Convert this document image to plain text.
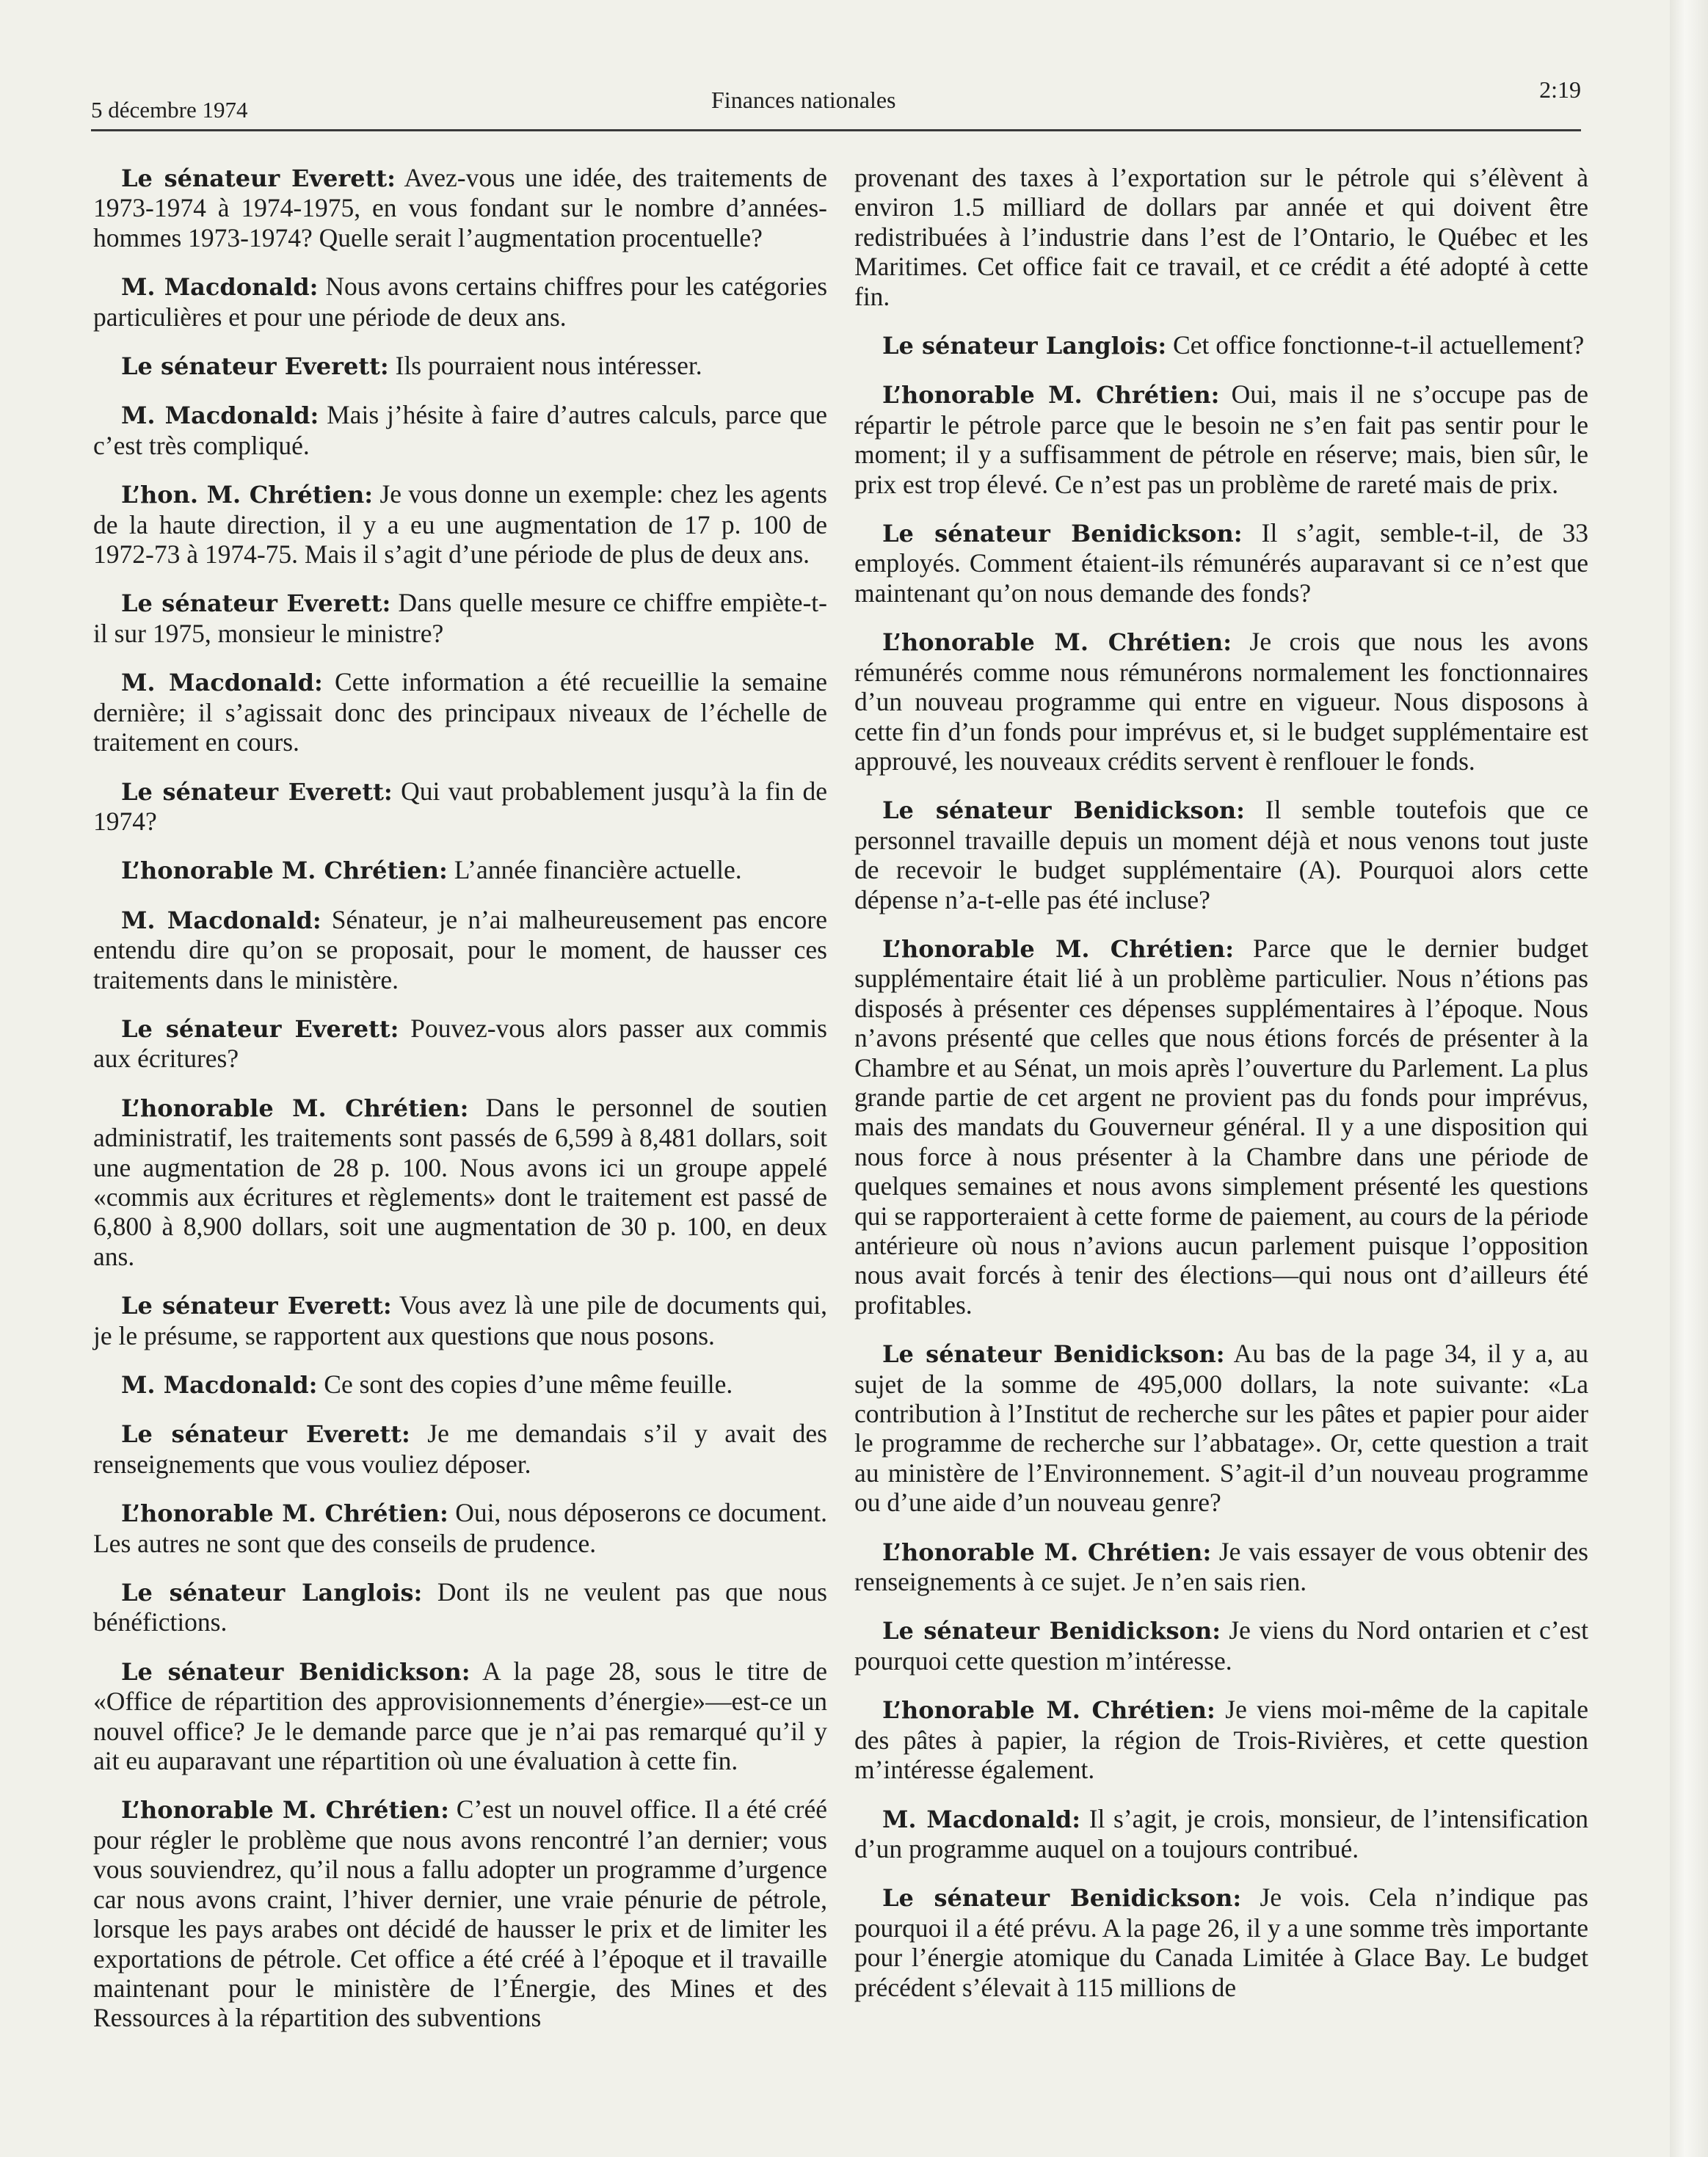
5 décembre 1974	Finances nationales	2:19

Le sénateur Everett: Avez-vous une idée, des traitements de 1973-1974 à 1974-1975, en vous fondant sur le nombre d’années-hommes 1973-1974? Quelle serait l’augmentation procentuelle?

M. Macdonald: Nous avons certains chiffres pour les catégories particulières et pour une période de deux ans.

Le sénateur Everett: Ils pourraient nous intéresser.

M. Macdonald: Mais j’hésite à faire d’autres calculs, parce que c’est très compliqué.

L’hon. M. Chrétien: Je vous donne un exemple: chez les agents de la haute direction, il y a eu une augmentation de 17 p. 100 de 1972-73 à 1974-75. Mais il s’agit d’une période de plus de deux ans.

Le sénateur Everett: Dans quelle mesure ce chiffre empiète-t-il sur 1975, monsieur le ministre?

M. Macdonald: Cette information a été recueillie la semaine dernière; il s’agissait donc des principaux niveaux de l’échelle de traitement en cours.

Le sénateur Everett: Qui vaut probablement jusqu’à la fin de 1974?

L’honorable M. Chrétien: L’année financière actuelle.

M. Macdonald: Sénateur, je n’ai malheureusement pas encore entendu dire qu’on se proposait, pour le moment, de hausser ces traitements dans le ministère.

Le sénateur Everett: Pouvez-vous alors passer aux commis aux écritures?

L’honorable M. Chrétien: Dans le personnel de soutien administratif, les traitements sont passés de 6,599 à 8,481 dollars, soit une augmentation de 28 p. 100. Nous avons ici un groupe appelé «commis aux écritures et règlements» dont le traitement est passé de 6,800 à 8,900 dollars, soit une augmentation de 30 p. 100, en deux ans.

Le sénateur Everett: Vous avez là une pile de documents qui, je le présume, se rapportent aux questions que nous posons.

M. Macdonald: Ce sont des copies d’une même feuille.

Le sénateur Everett: Je me demandais s’il y avait des renseignements que vous vouliez déposer.

L’honorable M. Chrétien: Oui, nous déposerons ce document. Les autres ne sont que des conseils de prudence.

Le sénateur Langlois: Dont ils ne veulent pas que nous bénéfictions.

Le sénateur Benidickson: A la page 28, sous le titre de «Office de répartition des approvisionnements d’énergie»—est-ce un nouvel office? Je le demande parce que je n’ai pas remarqué qu’il y ait eu auparavant une répartition où une évaluation à cette fin.

L’honorable M. Chrétien: C’est un nouvel office. Il a été créé pour régler le problème que nous avons rencontré l’an dernier; vous vous souviendrez, qu’il nous a fallu adopter un programme d’urgence car nous avons craint, l’hiver dernier, une vraie pénurie de pétrole, lorsque les pays arabes ont décidé de hausser le prix et de limiter les exportations de pétrole. Cet office a été créé à l’époque et il travaille maintenant pour le ministère de l’Énergie, des Mines et des Ressources à la répartition des subventions

provenant des taxes à l’exportation sur le pétrole qui s’élèvent à environ 1.5 milliard de dollars par année et qui doivent être redistribuées à l’industrie dans l’est de l’Ontario, le Québec et les Maritimes. Cet office fait ce travail, et ce crédit a été adopté à cette fin.

Le sénateur Langlois: Cet office fonctionne-t-il actuellement?

L’honorable M. Chrétien: Oui, mais il ne s’occupe pas de répartir le pétrole parce que le besoin ne s’en fait pas sentir pour le moment; il y a suffisamment de pétrole en réserve; mais, bien sûr, le prix est trop élevé. Ce n’est pas un problème de rareté mais de prix.

Le sénateur Benidickson: Il s’agit, semble-t-il, de 33 employés. Comment étaient-ils rémunérés auparavant si ce n’est que maintenant qu’on nous demande des fonds?

L’honorable M. Chrétien: Je crois que nous les avons rémunérés comme nous rémunérons normalement les fonctionnaires d’un nouveau programme qui entre en vigueur. Nous disposons à cette fin d’un fonds pour imprévus et, si le budget supplémentaire est approuvé, les nouveaux crédits servent è renflouer le fonds.

Le sénateur Benidickson: Il semble toutefois que ce personnel travaille depuis un moment déjà et nous venons tout juste de recevoir le budget supplémentaire (A). Pourquoi alors cette dépense n’a-t-elle pas été incluse?

L’honorable M. Chrétien: Parce que le dernier budget supplémentaire était lié à un problème particulier. Nous n’étions pas disposés à présenter ces dépenses supplémentaires à l’époque. Nous n’avons présenté que celles que nous étions forcés de présenter à la Chambre et au Sénat, un mois après l’ouverture du Parlement. La plus grande partie de cet argent ne provient pas du fonds pour imprévus, mais des mandats du Gouverneur général. Il y a une disposition qui nous force à nous présenter à la Chambre dans une période de quelques semaines et nous avons simplement présenté les questions qui se rapporteraient à cette forme de paiement, au cours de la période antérieure où nous n’avions aucun parlement puisque l’opposition nous avait forcés à tenir des élections—qui nous ont d’ailleurs été profitables.

Le sénateur Benidickson: Au bas de la page 34, il y a, au sujet de la somme de 495,000 dollars, la note suivante: «La contribution à l’Institut de recherche sur les pâtes et papier pour aider le programme de recherche sur l’abbatage». Or, cette question a trait au ministère de l’Environnement. S’agit-il d’un nouveau programme ou d’une aide d’un nouveau genre?

L’honorable M. Chrétien: Je vais essayer de vous obtenir des renseignements à ce sujet. Je n’en sais rien.

Le sénateur Benidickson: Je viens du Nord ontarien et c’est pourquoi cette question m’intéresse.

L’honorable M. Chrétien: Je viens moi-même de la capitale des pâtes à papier, la région de Trois-Rivières, et cette question m’intéresse également.

M. Macdonald: Il s’agit, je crois, monsieur, de l’intensification d’un programme auquel on a toujours contribué.

Le sénateur Benidickson: Je vois. Cela n’indique pas pourquoi il a été prévu. A la page 26, il y a une somme très importante pour l’énergie atomique du Canada Limitée à Glace Bay. Le budget précédent s’élevait à 115 millions de
